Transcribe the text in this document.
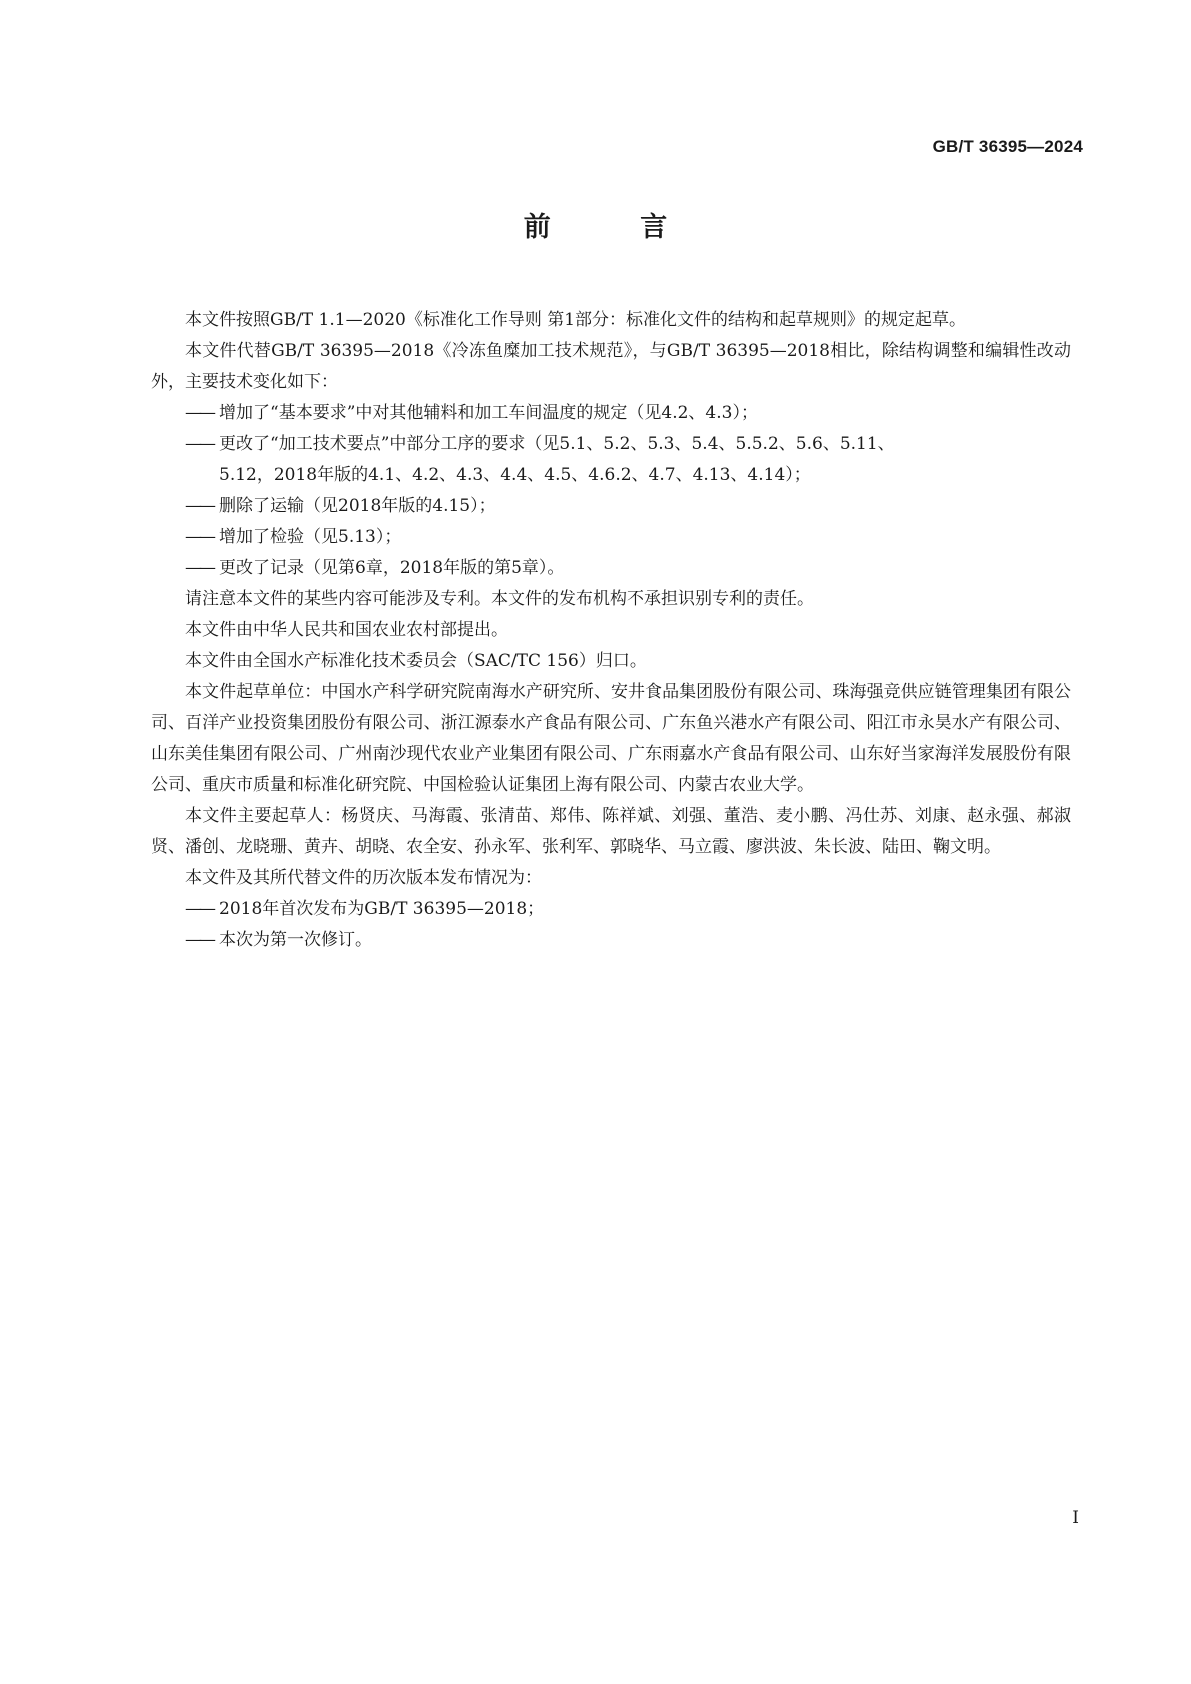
GB/T 36395—2024
前 言

本文件按照GB/T 1.1—2020《标准化工作导则 第1部分：标准化文件的结构和起草规则》的规定起草。

本文件代替GB/T 36395—2018《冷冻鱼糜加工技术规范》，与GB/T 36395—2018相比，除结构调整和编辑性改动外，主要技术变化如下：

—— 增加了“基本要求”中对其他辅料和加工车间温度的规定（见4.2、4.3）；

—— 更改了“加工技术要点”中部分工序的要求（见5.1、5.2、5.3、5.4、5.5.2、5.6、5.11、
5.12，2018年版的4.1、4.2、4.3、4.4、4.5、4.6.2、4.7、4.13、4.14）；

—— 删除了运输（见2018年版的4.15）；

—— 增加了检验（见5.13）；

—— 更改了记录（见第6章，2018年版的第5章）。

请注意本文件的某些内容可能涉及专利。本文件的发布机构不承担识别专利的责任。

本文件由中华人民共和国农业农村部提出。

本文件由全国水产标准化技术委员会（SAC/TC 156）归口。

本文件起草单位：中国水产科学研究院南海水产研究所、安井食品集团股份有限公司、珠海强竞供应链管理集团有限公司、百洋产业投资集团股份有限公司、浙江源泰水产食品有限公司、广东鱼兴港水产有限公司、阳江市永昊水产有限公司、山东美佳集团有限公司、广州南沙现代农业产业集团有限公司、广东雨嘉水产食品有限公司、山东好当家海洋发展股份有限公司、重庆市质量和标准化研究院、中国检验认证集团上海有限公司、内蒙古农业大学。

本文件主要起草人：杨贤庆、马海霞、张清苗、郑伟、陈祥斌、刘强、董浩、麦小鹏、冯仕苏、刘康、赵永强、郝淑贤、潘创、龙晓珊、黄卉、胡晓、农全安、孙永军、张利军、郭晓华、马立霞、廖洪波、朱长波、陆田、鞠文明。

本文件及其所代替文件的历次版本发布情况为：

—— 2018年首次发布为GB/T 36395—2018；

—— 本次为第一次修订。

I
